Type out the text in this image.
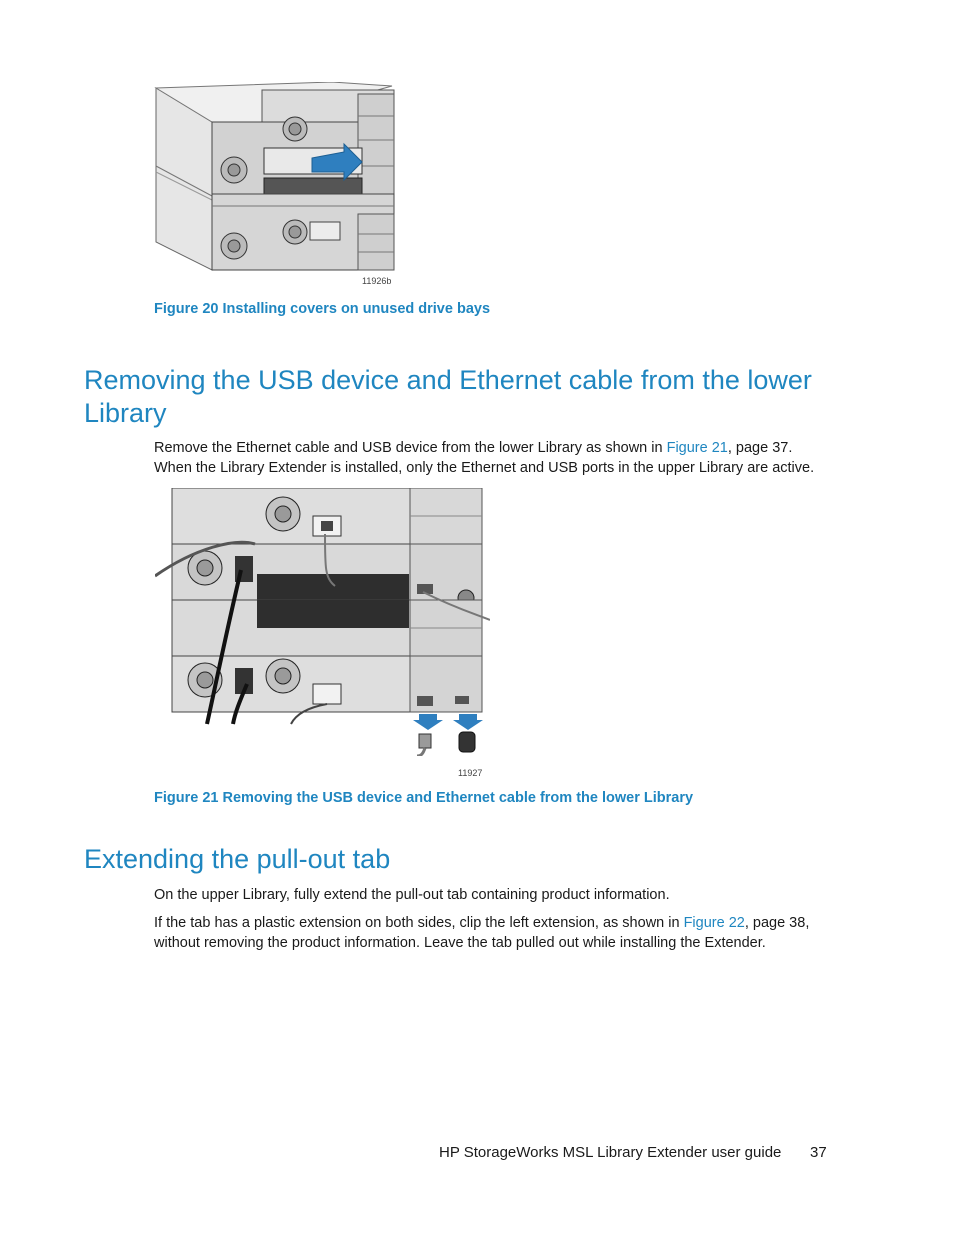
11926b
Figure 20 Installing covers on unused drive bays
Removing the USB device and Ethernet cable from the lower Library

Remove the Ethernet cable and USB device from the lower Library as shown in Figure 21, page 37.
When the Library Extender is installed, only the Ethernet and USB ports in the upper Library are active.

11927
Figure 21 Removing the USB device and Ethernet cable from the lower Library
Extending the pull-out tab

On the upper Library, fully extend the pull-out tab containing product information.

If the tab has a plastic extension on both sides, clip the left extension, as shown in Figure 22, page 38,
without removing the product information. Leave the tab pulled out while installing the Extender.

HP StorageWorks MSL Library Extender user guide 37
